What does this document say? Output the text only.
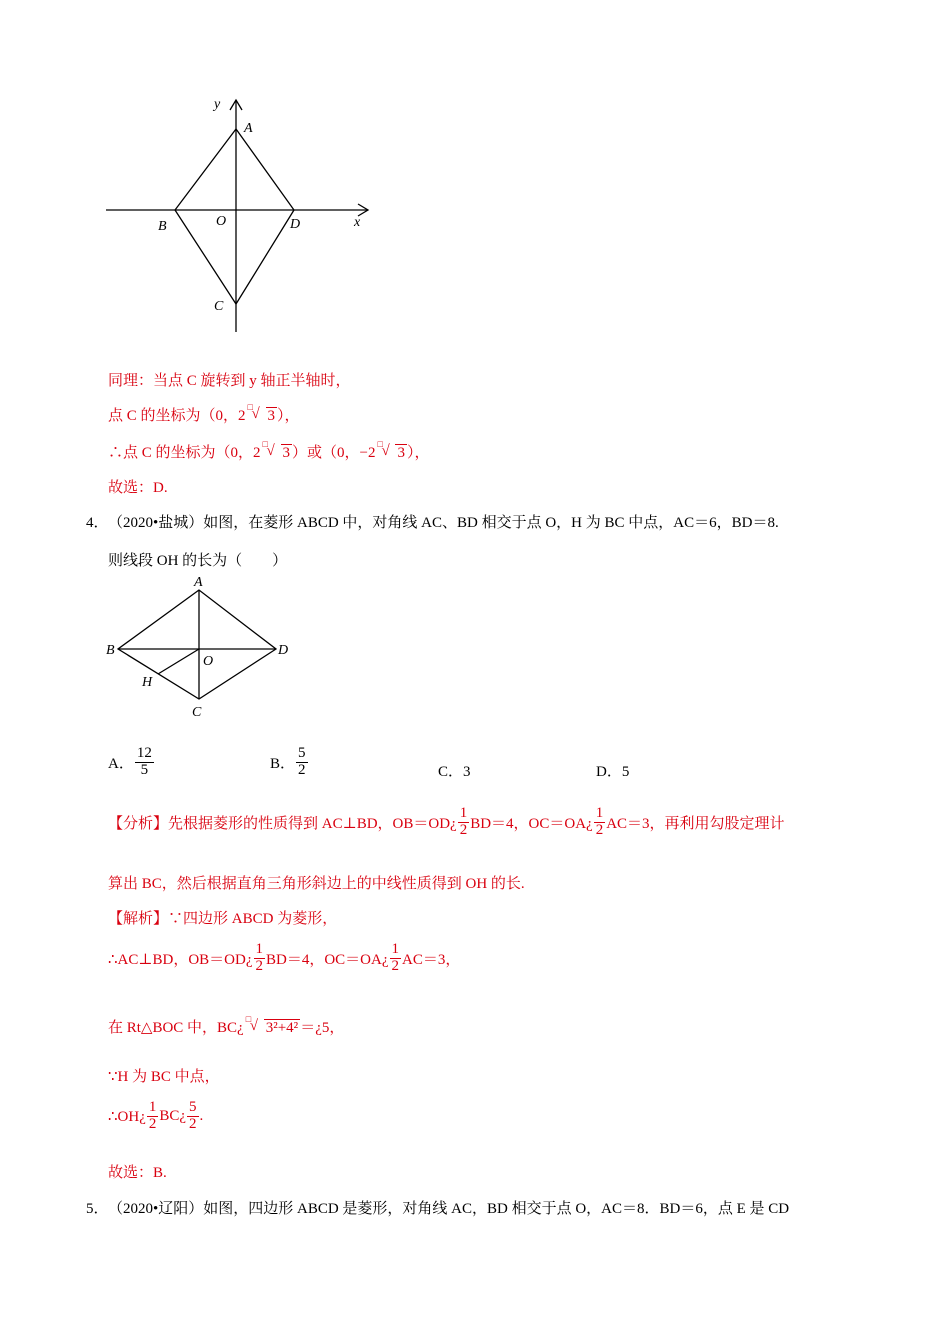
y
A
B	O	D	x
C
同理：当点 C 旋转到 y 轴正半轴时，
点 C 的坐标为（0，2
□
√ 3 ），
∴点 C 的坐标为（0，2
□
√ 3 ）或（0，−2
□
√ 3 ），
故选：D.
4． （2020•盐城）如图，在菱形 ABCD 中，对角线 AC、BD 相交于点 O，H 为 BC 中点，AC＝6，BD＝8.
则线段 OH 的长为（　　）
A
B
O
D
H
C
A． $\frac{12}{5}$	B． $\frac{5}{2}$	C．3	D．5
【分析】先根据菱形的性质得到 AC⊥BD，OB＝OD¿ $\frac{1}{2} BD=4$，OC＝OA¿ $\frac{1}{2} AC=3$，再利用勾股定理计
算出 BC，然后根据直角三角形斜边上的中线性质得到 OH 的长.
【解析】∵四边形 ABCD 为菱形，
∴AC⊥BD，OB＝OD¿ $\frac{1}{2} BD=4$，OC＝OA¿ $\frac{1}{2} AC=3$，
在 Rt△BOC 中，BC¿
□
√ 3²+4² ＝¿5，
∵H 为 BC 中点，
∴OH¿ $\frac{1}{2}$ BC¿ $\frac{5}{2}$ .
故选：B.
5． （2020•辽阳）如图，四边形 ABCD 是菱形，对角线 AC，BD 相交于点 O，AC＝8．BD＝6，点 E 是 CD
